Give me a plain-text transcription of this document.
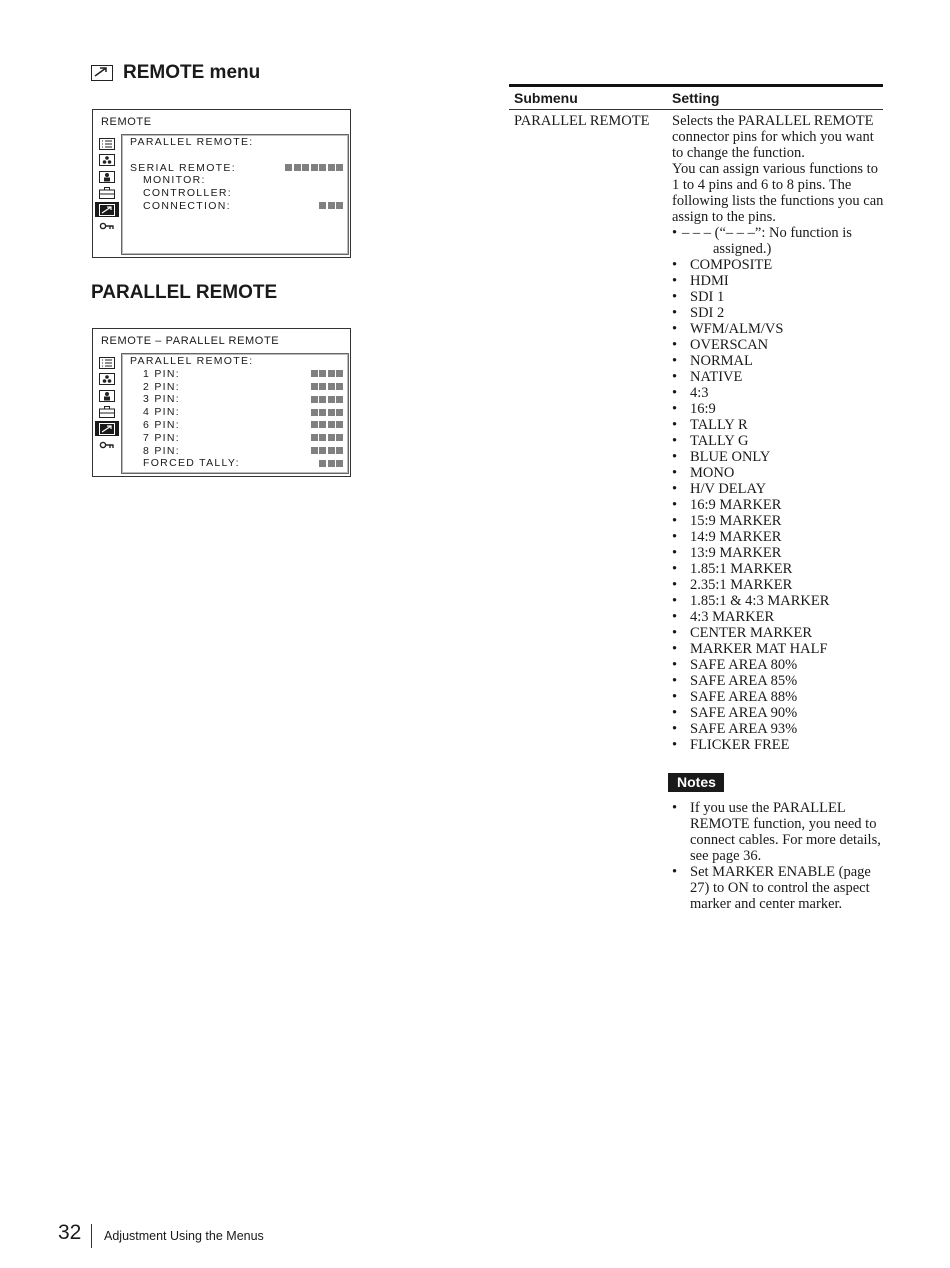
REMOTE menu
REMOTE
PARALLEL REMOTE:
SERIAL REMOTE:
MONITOR:
CONTROLLER:
CONNECTION:
PARALLEL REMOTE
REMOTE – PARALLEL REMOTE
PARALLEL REMOTE:
1 PIN:
2 PIN:
3 PIN:
4 PIN:
6 PIN:
7 PIN:
8 PIN:
FORCED TALLY:
Submenu	Setting
PARALLEL REMOTE Selects the PARALLEL REMOTE connector pins for which you want to change the function.

You can assign various functions to 1 to 4 pins and 6 to 8 pins. The following lists the functions you can assign to the pins.

• – – – (“– – –”: No function is
assigned.)
• COMPOSITE
• HDMI
• SDI 1
• SDI 2
• WFM/ALM/VS
• OVERSCAN
• NORMAL
• NATIVE
• 4:3
• 16:9
• TALLY R
• TALLY G
• BLUE ONLY
• MONO
• H/V DELAY
• 16:9 MARKER
• 15:9 MARKER
• 14:9 MARKER
• 13:9 MARKER
• 1.85:1 MARKER
• 2.35:1 MARKER
• 1.85:1 & 4:3 MARKER
• 4:3 MARKER
• CENTER MARKER
• MARKER MAT HALF
• SAFE AREA 80%
• SAFE AREA 85%
• SAFE AREA 88%
• SAFE AREA 90%
• SAFE AREA 93%
• FLICKER FREE
Notes
• If you use the PARALLEL REMOTE function, you need to connect cables. For more details, see page 36.
• Set MARKER ENABLE (page 27) to ON to control the aspect marker and center marker.
32 Adjustment Using the Menus
